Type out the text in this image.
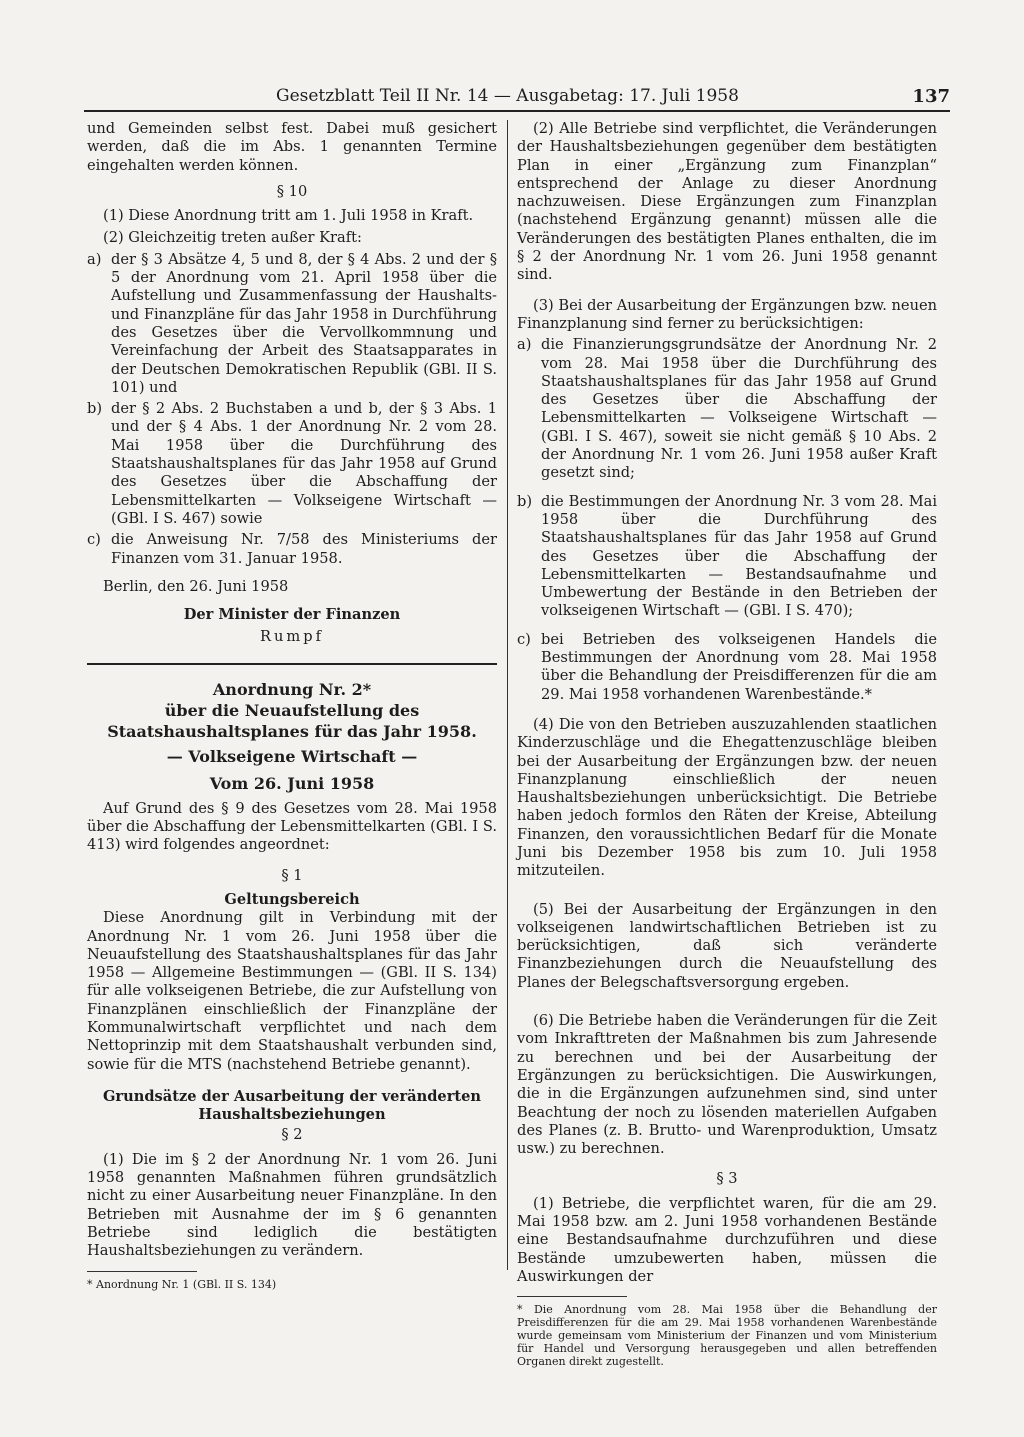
Gesetzblatt Teil II Nr. 14 — Ausgabetag: 17. Juli 1958	137

und Gemeinden selbst fest. Dabei muß gesichert werden, daß die im Abs. 1 genannten Termine eingehalten werden können.

§ 10

(1) Diese Anordnung tritt am 1. Juli 1958 in Kraft.

(2) Gleichzeitig treten außer Kraft:

a) der § 3 Absätze 4, 5 und 8, der § 4 Abs. 2 und der § 5 der Anordnung vom 21. April 1958 über die Aufstellung und Zusammenfassung der Haushalts- und Finanzpläne für das Jahr 1958 in Durchführung des Gesetzes über die Vervollkommnung und Vereinfachung der Arbeit des Staatsapparates in der Deutschen Demokratischen Republik (GBl. II S. 101) und
b) der § 2 Abs. 2 Buchstaben a und b, der § 3 Abs. 1 und der § 4 Abs. 1 der Anordnung Nr. 2 vom 28. Mai 1958 über die Durchführung des Staatshaushaltsplanes für das Jahr 1958 auf Grund des Gesetzes über die Abschaffung der Lebensmittelkarten — Volkseigene Wirtschaft — (GBl. I S. 467) sowie
c) die Anweisung Nr. 7/58 des Ministeriums der Finanzen vom 31. Januar 1958.

Berlin, den 26. Juni 1958

Der Minister der Finanzen

Rumpf

Anordnung Nr. 2*

über die Neuaufstellung des Staatshaushaltsplanes für das Jahr 1958.

— Volkseigene Wirtschaft —

Vom 26. Juni 1958

Auf Grund des § 9 des Gesetzes vom 28. Mai 1958 über die Abschaffung der Lebensmittelkarten (GBl. I S. 413) wird folgendes angeordnet:

§ 1

Geltungsbereich

Diese Anordnung gilt in Verbindung mit der Anordnung Nr. 1 vom 26. Juni 1958 über die Neuaufstellung des Staatshaushaltsplanes für das Jahr 1958 — Allgemeine Bestimmungen — (GBl. II S. 134) für alle volkseigenen Betriebe, die zur Aufstellung von Finanzplänen einschließlich der Finanzpläne der Kommunalwirtschaft verpflichtet und nach dem Nettoprinzip mit dem Staatshaushalt verbunden sind, sowie für die MTS (nachstehend Betriebe genannt).

Grundsätze der Ausarbeitung der veränderten Haushaltsbeziehungen

§ 2

(1) Die im § 2 der Anordnung Nr. 1 vom 26. Juni 1958 genannten Maßnahmen führen grundsätzlich nicht zu einer Ausarbeitung neuer Finanzpläne. In den Betrieben mit Ausnahme der im § 6 genannten Betriebe sind lediglich die bestätigten Haushaltsbeziehungen zu verändern.

* Anordnung Nr. 1 (GBl. II S. 134)

(2) Alle Betriebe sind verpflichtet, die Veränderungen der Haushaltsbeziehungen gegenüber dem bestätigten Plan in einer „Ergänzung zum Finanzplan“ entsprechend der Anlage zu dieser Anordnung nachzuweisen. Diese Ergänzungen zum Finanzplan (nachstehend Ergänzung genannt) müssen alle die Veränderungen des bestätigten Planes enthalten, die im § 2 der Anordnung Nr. 1 vom 26. Juni 1958 genannt sind.

(3) Bei der Ausarbeitung der Ergänzungen bzw. neuen Finanzplanung sind ferner zu berücksichtigen:

a) die Finanzierungsgrundsätze der Anordnung Nr. 2 vom 28. Mai 1958 über die Durchführung des Staatshaushaltsplanes für das Jahr 1958 auf Grund des Gesetzes über die Abschaffung der Lebensmittelkarten — Volkseigene Wirtschaft — (GBl. I S. 467), soweit sie nicht gemäß § 10 Abs. 2 der Anordnung Nr. 1 vom 26. Juni 1958 außer Kraft gesetzt sind;
b) die Bestimmungen der Anordnung Nr. 3 vom 28. Mai 1958 über die Durchführung des Staatshaushaltsplanes für das Jahr 1958 auf Grund des Gesetzes über die Abschaffung der Lebensmittelkarten — Bestandsaufnahme und Umbewertung der Bestände in den Betrieben der volkseigenen Wirtschaft — (GBl. I S. 470);
c) bei Betrieben des volkseigenen Handels die Bestimmungen der Anordnung vom 28. Mai 1958 über die Behandlung der Preisdifferenzen für die am 29. Mai 1958 vorhandenen Warenbestände.*

(4) Die von den Betrieben auszuzahlenden staatlichen Kinderzuschläge und die Ehegattenzuschläge bleiben bei der Ausarbeitung der Ergänzungen bzw. der neuen Finanzplanung einschließlich der neuen Haushaltsbeziehungen unberücksichtigt. Die Betriebe haben jedoch formlos den Räten der Kreise, Abteilung Finanzen, den voraussichtlichen Bedarf für die Monate Juni bis Dezember 1958 bis zum 10. Juli 1958 mitzuteilen.

(5) Bei der Ausarbeitung der Ergänzungen in den volkseigenen landwirtschaftlichen Betrieben ist zu berücksichtigen, daß sich veränderte Finanzbeziehungen durch die Neuaufstellung des Planes der Belegschaftsversorgung ergeben.

(6) Die Betriebe haben die Veränderungen für die Zeit vom Inkrafttreten der Maßnahmen bis zum Jahresende zu berechnen und bei der Ausarbeitung der Ergänzungen zu berücksichtigen. Die Auswirkungen, die in die Ergänzungen aufzunehmen sind, sind unter Beachtung der noch zu lösenden materiellen Aufgaben des Planes (z. B. Brutto- und Warenproduktion, Umsatz usw.) zu berechnen.

§ 3

(1) Betriebe, die verpflichtet waren, für die am 29. Mai 1958 bzw. am 2. Juni 1958 vorhandenen Bestände eine Bestandsaufnahme durchzuführen und diese Bestände umzubewerten haben, müssen die Auswirkungen der

* Die Anordnung vom 28. Mai 1958 über die Behandlung der Preisdifferenzen für die am 29. Mai 1958 vorhandenen Warenbestände wurde gemeinsam vom Ministerium der Finanzen und vom Ministerium für Handel und Versorgung herausgegeben und allen betreffenden Organen direkt zugestellt.
